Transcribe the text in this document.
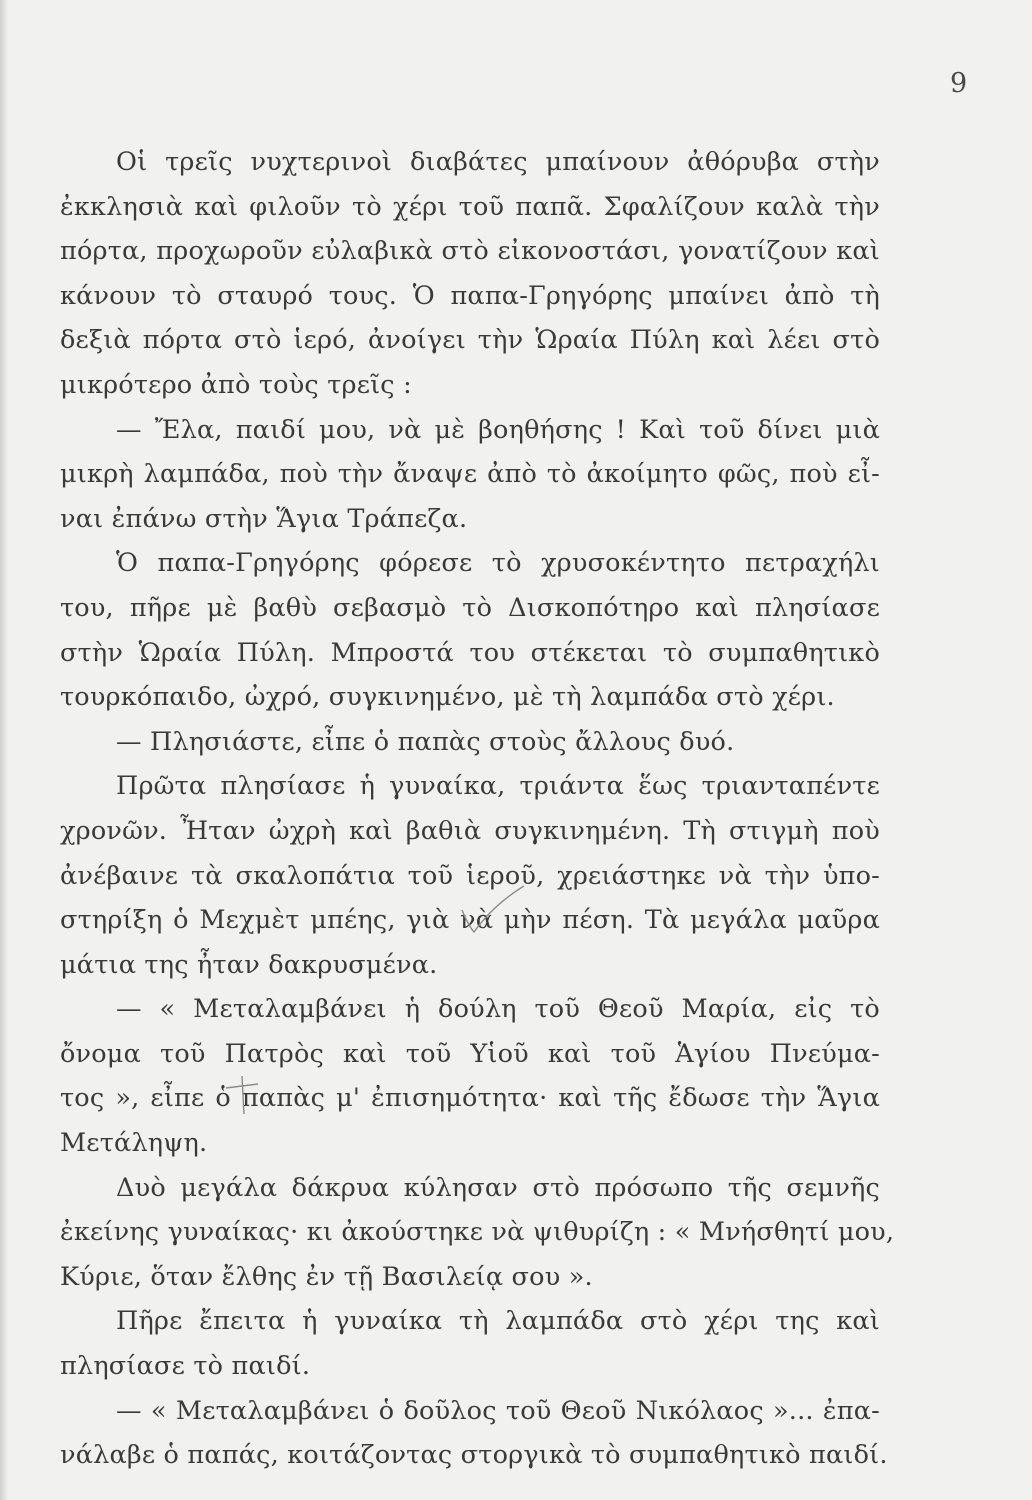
9
Οἱ τρεῖς νυχτερινοὶ διαβάτες μπαίνουν ἀθόρυβα στὴν
ἐκκλησιὰ καὶ φιλοῦν τὸ χέρι τοῦ παπᾶ. Σφαλίζουν καλὰ τὴν
πόρτα, προχωροῦν εὐλαβικὰ στὸ εἰκονοστάσι, γονατίζουν καὶ
κάνουν τὸ σταυρό τους. Ὁ παπα-Γρηγόρης μπαίνει ἀπὸ τὴ
δεξιὰ πόρτα στὸ ἱερό, ἀνοίγει τὴν Ὡραία Πύλη καὶ λέει στὸ
μικρότερο ἀπὸ τοὺς τρεῖς :
— Ἔλα, παιδί μου, νὰ μὲ βοηθήσης ! Καὶ τοῦ δίνει μιὰ
μικρὴ λαμπάδα, ποὺ τὴν ἄναψε ἀπὸ τὸ ἀκοίμητο φῶς, ποὺ εἶ-
ναι ἐπάνω στὴν Ἅγια Τράπεζα.
Ὁ παπα-Γρηγόρης φόρεσε τὸ χρυσοκέντητο πετραχήλι
του, πῆρε μὲ βαθὺ σεβασμὸ τὸ Δισκοπότηρο καὶ πλησίασε
στὴν Ὡραία Πύλη. Μπροστά του στέκεται τὸ συμπαθητικὸ
τουρκόπαιδο, ὠχρό, συγκινημένο, μὲ τὴ λαμπάδα στὸ χέρι.
— Πλησιάστε, εἶπε ὁ παπὰς στοὺς ἄλλους δυό.
Πρῶτα πλησίασε ἡ γυναίκα, τριάντα ἕως τριανταπέντε
χρονῶν. Ἦταν ὠχρὴ καὶ βαθιὰ συγκινημένη. Τὴ στιγμὴ ποὺ
ἀνέβαινε τὰ σκαλοπάτια τοῦ ἱεροῦ, χρειάστηκε νὰ τὴν ὑπο-
στηρίξη ὁ Μεχμὲτ μπέης, γιὰ νὰ μὴν πέση. Τὰ μεγάλα μαῦρα
μάτια της ἦταν δακρυσμένα.
— « Μεταλαμβάνει ἡ δούλη τοῦ Θεοῦ Μαρία, εἰς τὸ
ὄνομα τοῦ Πατρὸς καὶ τοῦ Υἱοῦ καὶ τοῦ Ἁγίου Πνεύμα-
τος », εἶπε ὁ παπὰς μ' ἐπισημότητα· καὶ τῆς ἔδωσε τὴν Ἅγια
Μετάληψη.
Δυὸ μεγάλα δάκρυα κύλησαν στὸ πρόσωπο τῆς σεμνῆς
ἐκείνης γυναίκας· κι ἀκούστηκε νὰ ψιθυρίζη : « Μνήσθητί μου,
Κύριε, ὅταν ἔλθης ἐν τῇ Βασιλείᾳ σου ».
Πῆρε ἔπειτα ἡ γυναίκα τὴ λαμπάδα στὸ χέρι της καὶ
πλησίασε τὸ παιδί.
— « Μεταλαμβάνει ὁ δοῦλος τοῦ Θεοῦ Νικόλαος »... ἐπα-
νάλαβε ὁ παπάς, κοιτάζοντας στοργικὰ τὸ συμπαθητικὸ παιδί.
